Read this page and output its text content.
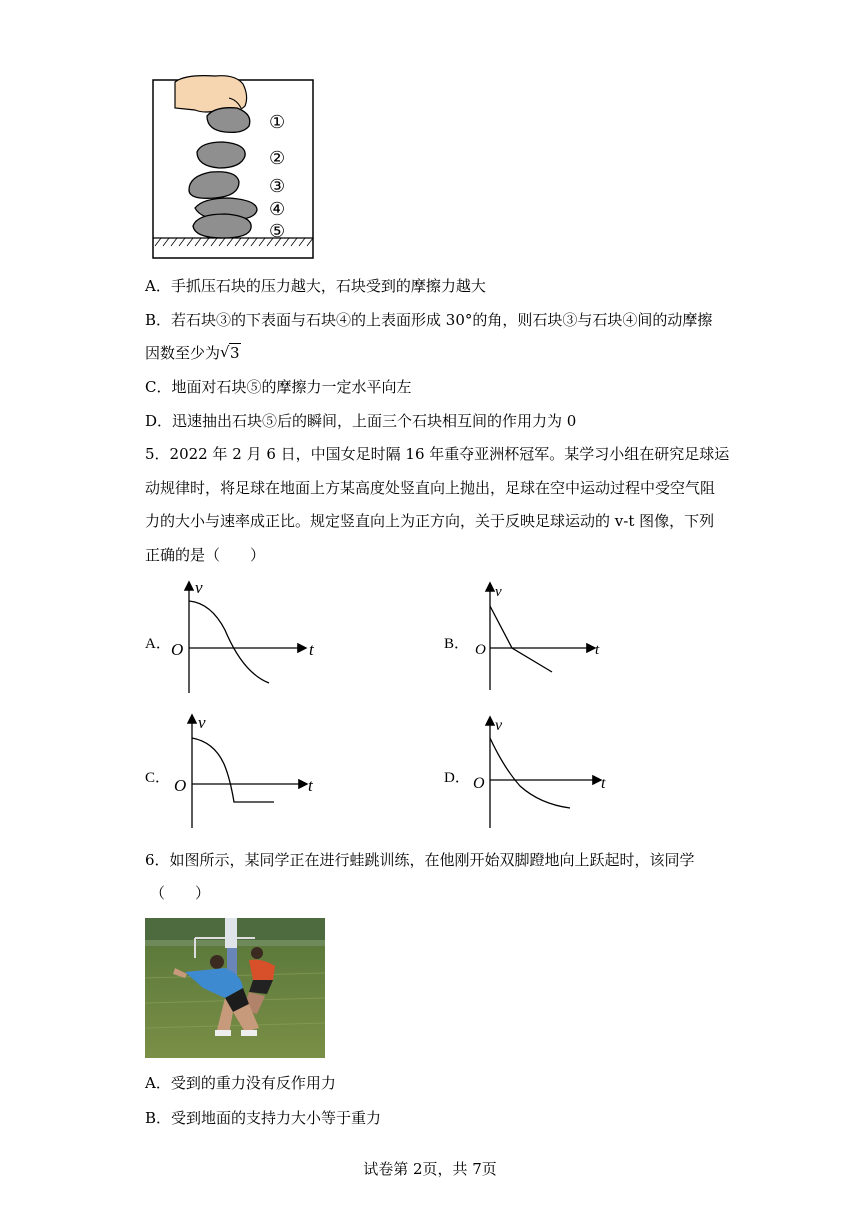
①
②
③
④
⑤
A．手抓压石块的压力越大，石块受到的摩擦力越大
B．若石块③的下表面与石块④的上表面形成 30°的角，则石块③与石块④间的动摩擦
因数至少为√ 3
C．地面对石块⑤的摩擦力一定水平向左
D．迅速抽出石块⑤后的瞬间，上面三个石块相互间的作用力为 0
5．2022 年 2 月 6 日，中国女足时隔 16 年重夺亚洲杯冠军。某学习小组在研究足球运
动规律时，将足球在地面上方某高度处竖直向上抛出，足球在空中运动过程中受空气阻
力的大小与速率成正比。规定竖直向上为正方向，关于反映足球运动的 v-t 图像，下列
正确的是（　　）
A．
v
O	t	B．
v
O	t
C．
v
O	t	D．
v
O	t
6．如图所示，某同学正在进行蛙跳训练，在他刚开始双脚蹬地向上跃起时，该同学
（　　）
A．受到的重力没有反作用力
B．受到地面的支持力大小等于重力
试卷第 2页，共 7页
